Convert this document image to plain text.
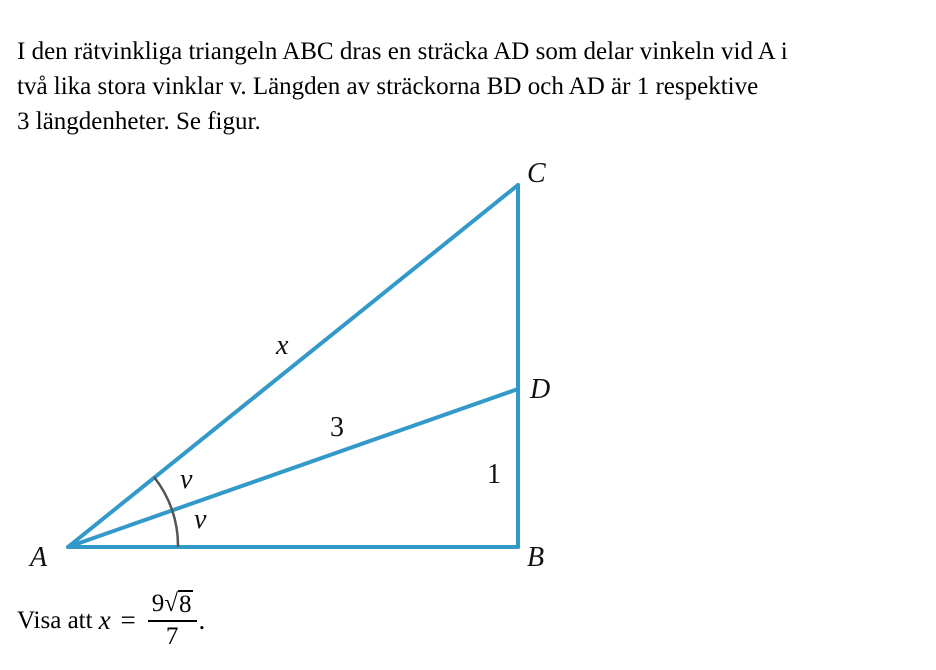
I den rätvinkliga triangeln ABC dras en sträcka AD som delar vinkeln vid A i

två lika stora vinklar v. Längden av sträckorna BD och AD är 1 respektive

3 längdenheter. Se figur.

C
D
B
A
x
3
1
v
v
Visa att $x = \frac{9 √ 8}{7}$ .
